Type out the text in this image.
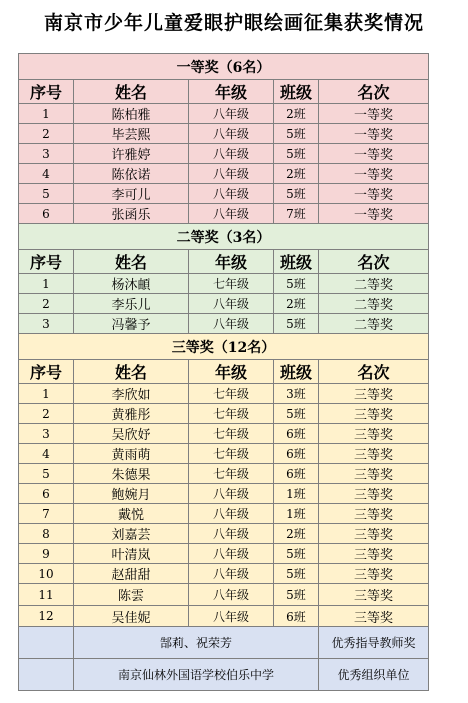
南京市少年儿童爱眼护眼绘画征集获奖情况
一等奖（6名）				
序号	姓名	年级	班级	名次
1	陈柏雅	八年级	2班	一等奖
2	毕芸熙	八年级	5班	一等奖
3	许雅婷	八年级	5班	一等奖
4	陈依诺	八年级	2班	一等奖
5	李可儿	八年级	5班	一等奖
6	张函乐	八年级	7班	一等奖
二等奖（3名）				
序号	姓名	年级	班级	名次
1	杨沐頔	七年级	5班	二等奖
2	李乐儿	八年级	2班	二等奖
3	冯馨予	八年级	5班	二等奖
三等奖（12名）				
序号	姓名	年级	班级	名次
1	李欣如	七年级	3班	三等奖
2	黄雅彤	七年级	5班	三等奖
3	吴欣妤	七年级	6班	三等奖
4	黄雨萌	七年级	6班	三等奖
5	朱德果	七年级	6班	三等奖
6	鲍婉月	八年级	1班	三等奖
7	戴悦	八年级	1班	三等奖
8	刘嘉芸	八年级	2班	三等奖
9	叶清岚	八年级	5班	三等奖
10	赵甜甜	八年级	5班	三等奖
11	陈雲	八年级	5班	三等奖
12	吴佳妮	八年级	6班	三等奖
	郜莉、祝荣芳			优秀指导教师奖
	南京仙林外国语学校伯乐中学			优秀组织单位
